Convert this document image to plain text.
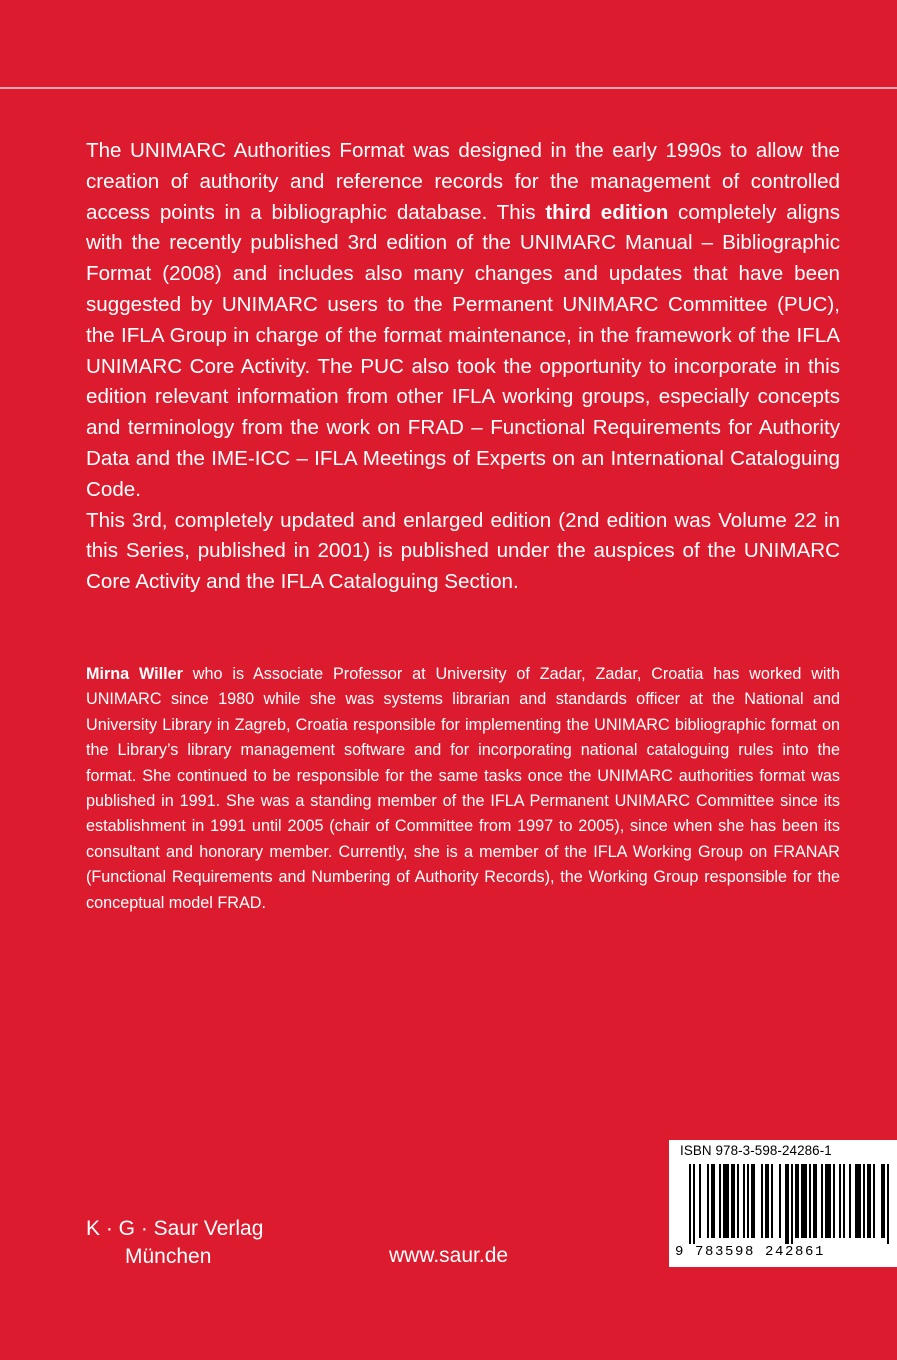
The UNIMARC Authorities Format was designed in the early 1990s to allow the creation of authority and reference records for the management of controlled access points in a bibliographic database. This third edition completely aligns with the recently published 3rd edition of the UNIMARC Manual – Bibliographic Format (2008) and includes also many changes and updates that have been suggested by UNIMARC users to the Permanent UNIMARC Committee (PUC), the IFLA Group in charge of the format maintenance, in the framework of the IFLA UNIMARC Core Activity. The PUC also took the opportunity to incorporate in this edition relevant information from other IFLA working groups, especially concepts and terminology from the work on FRAD – Functional Requirements for Authority Data and the IME-ICC – IFLA Meetings of Experts on an International Cataloguing Code.

This 3rd, completely updated and enlarged edition (2nd edition was Volume 22 in this Series, published in 2001) is published under the auspices of the UNIMARC Core Activity and the IFLA Cataloguing Section.

Mirna Willer who is Associate Professor at University of Zadar, Zadar, Croatia has worked with UNIMARC since 1980 while she was systems librarian and standards officer at the National and University Library in Zagreb, Croatia responsible for implementing the UNIMARC bibliographic format on the Library’s library management software and for incorporating national cataloguing rules into the format. She continued to be responsible for the same tasks once the UNIMARC authorities format was published in 1991. She was a standing member of the IFLA Permanent UNIMARC Committee since its establishment in 1991 until 2005 (chair of Committee from 1997 to 2005), since when she has been its consultant and honorary member. Currently, she is a member of the IFLA Working Group on FRANAR (Functional Requirements and Numbering of Authority Records), the Working Group responsible for the conceptual model FRAD.

K · G · Saur Verlag
München	www.saur.de
ISBN 978-3-598-24286-1
9 783598 242861
